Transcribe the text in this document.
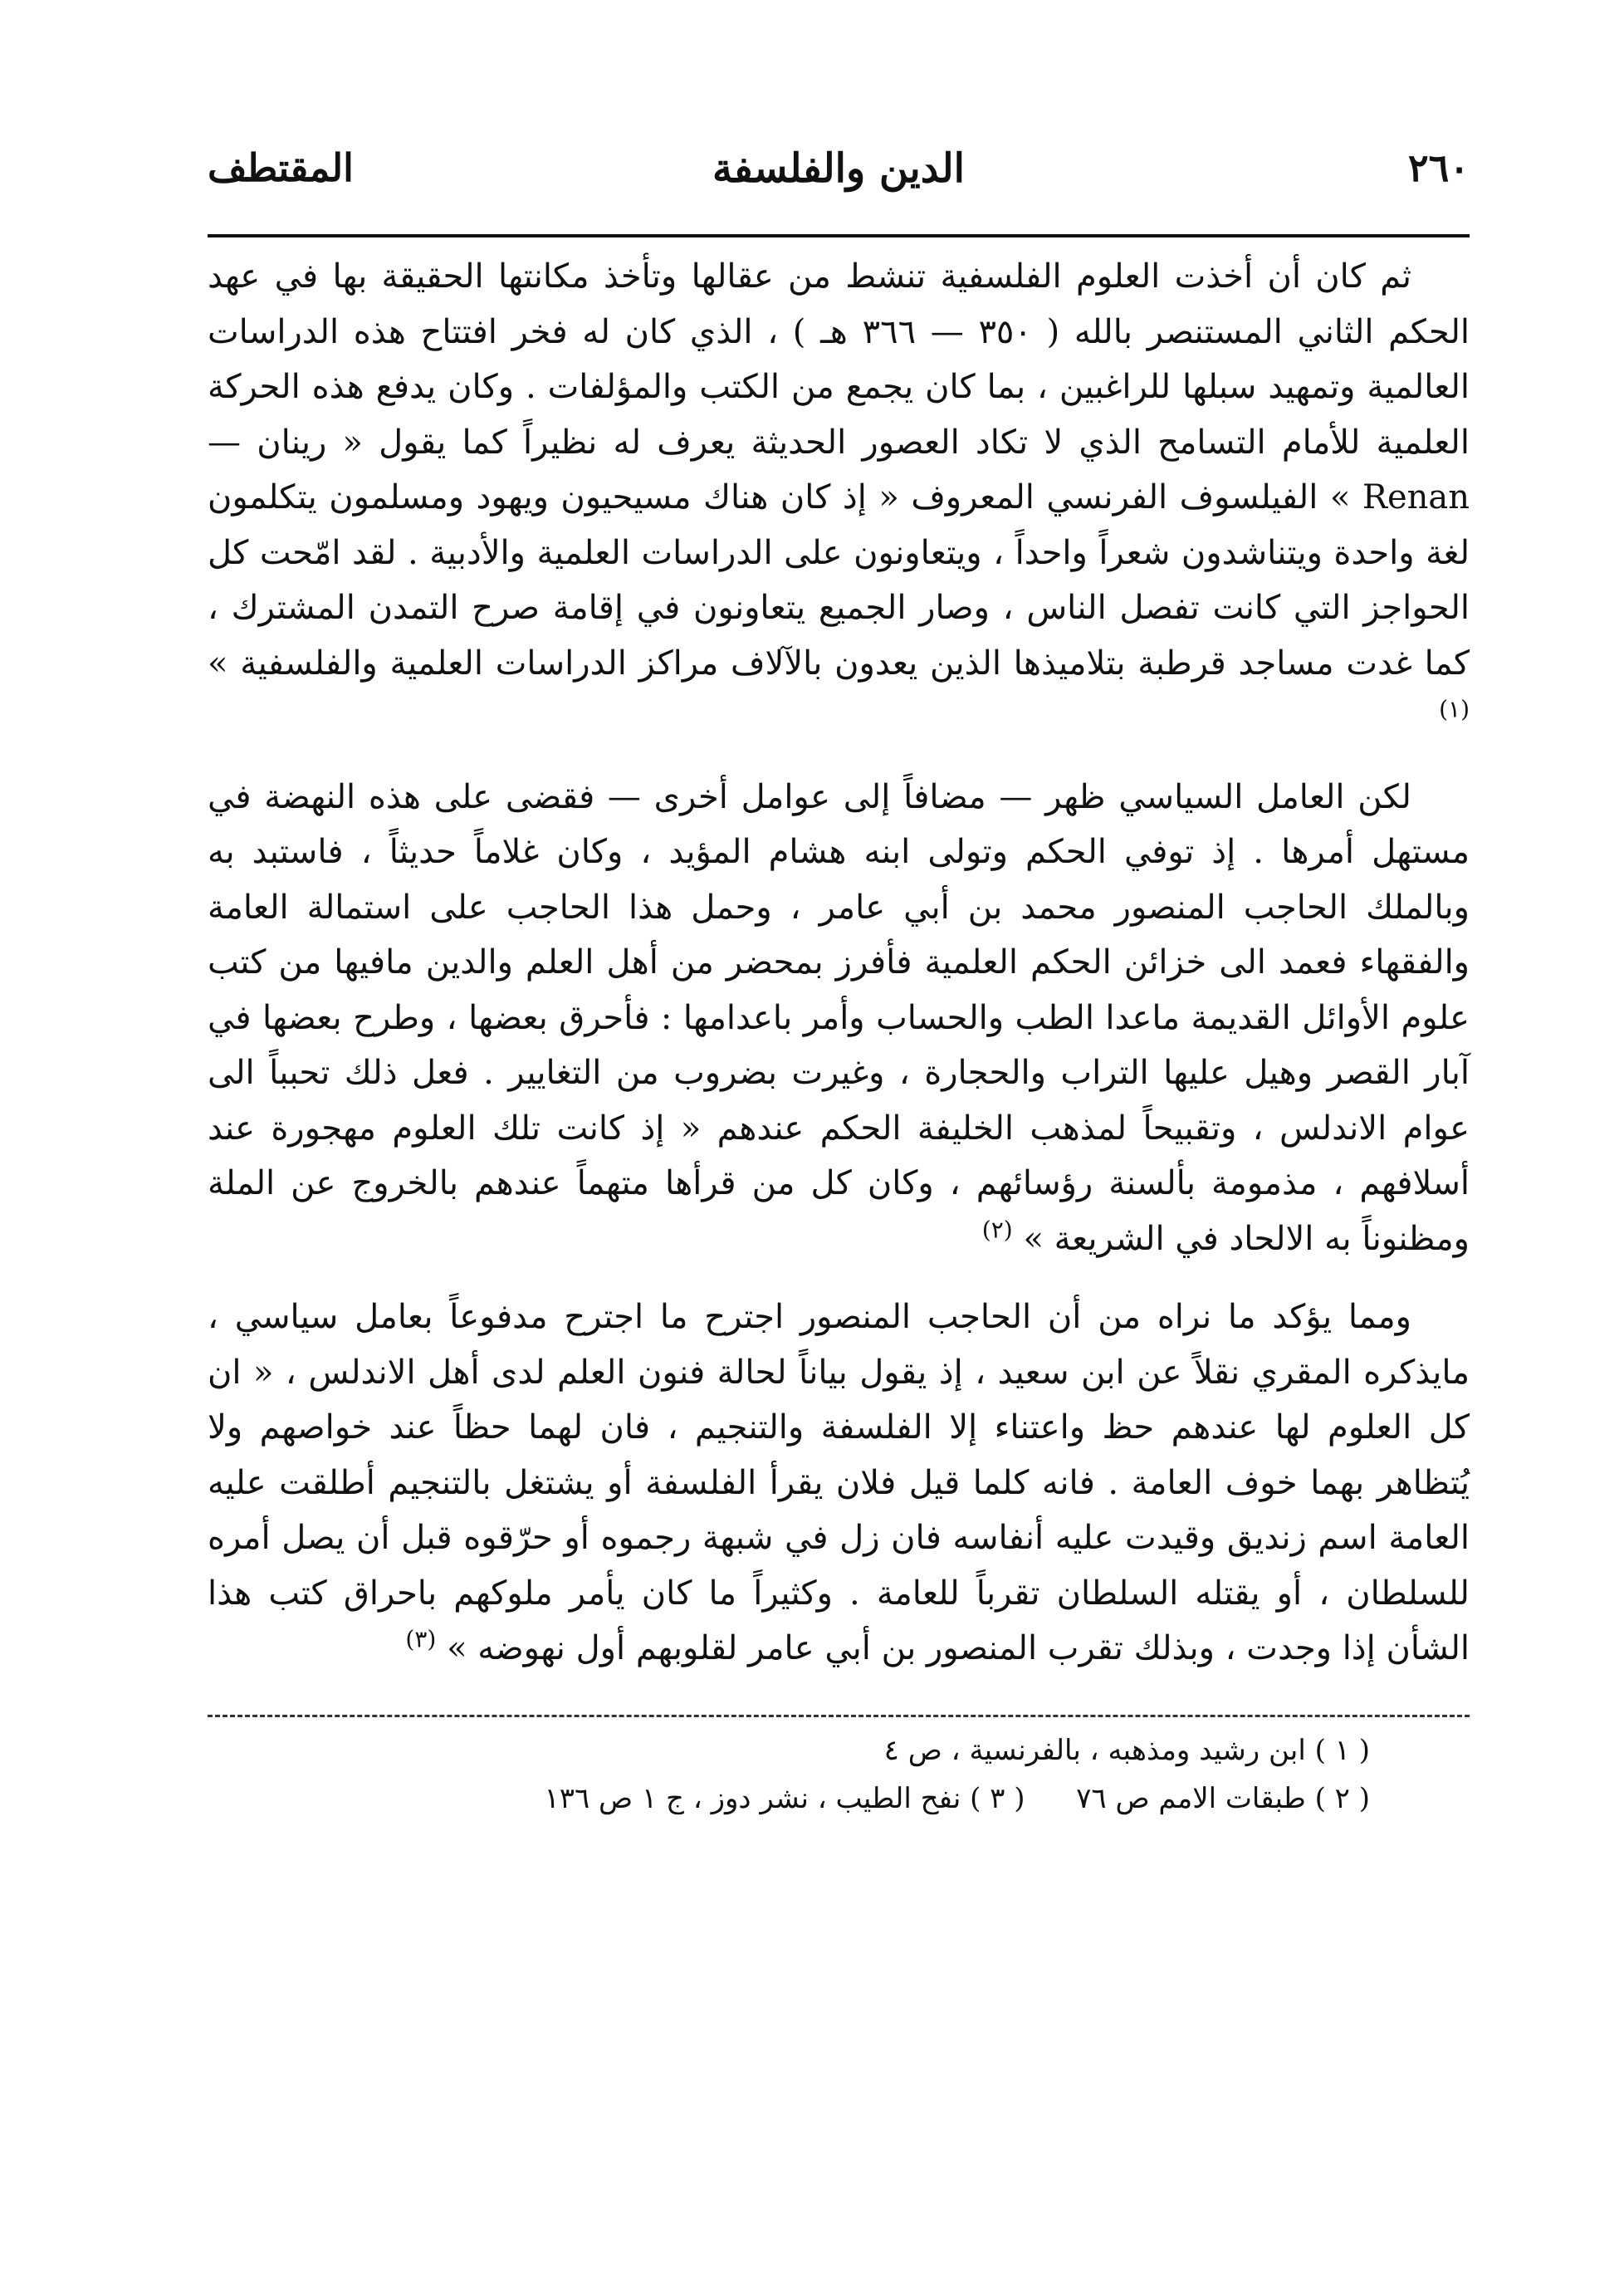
٢٦٠
الدين والفلسفة
المقتطف

ثم كان أن أخذت العلوم الفلسفية تنشط من عقالها وتأخذ مكانتها الحقيقة بها في عهد الحكم الثاني المستنصر بالله ( ٣٥٠ — ٣٦٦ هـ ) ، الذي كان له فخر افتتاح هذه الدراسات العالمية وتمهيد سبلها للراغبين ، بما كان يجمع من الكتب والمؤلفات . وكان يدفع هذه الحركة العلمية للأمام التسامح الذي لا تكاد العصور الحديثة يعرف له نظيراً كما يقول « رينان — Renan » الفيلسوف الفرنسي المعروف « إذ كان هناك مسيحيون ويهود ومسلمون يتكلمون لغة واحدة ويتناشدون شعراً واحداً ، ويتعاونون على الدراسات العلمية والأدبية . لقد امّحت كل الحواجز التي كانت تفصل الناس ، وصار الجميع يتعاونون في إقامة صرح التمدن المشترك ، كما غدت مساجد قرطبة بتلاميذها الذين يعدون بالآلاف مراكز الدراسات العلمية والفلسفية » $^{(١)}$

لكن العامل السياسي ظهر — مضافاً إلى عوامل أخرى — فقضى على هذه النهضة في مستهل أمرها . إذ توفي الحكم وتولى ابنه هشام المؤيد ، وكان غلاماً حديثاً ، فاستبد به وبالملك الحاجب المنصور محمد بن أبي عامر ، وحمل هذا الحاجب على استمالة العامة والفقهاء فعمد الى خزائن الحكم العلمية فأفرز بمحضر من أهل العلم والدين مافيها من كتب علوم الأوائل القديمة ماعدا الطب والحساب وأمر باعدامها : فأحرق بعضها ، وطرح بعضها في آبار القصر وهيل عليها التراب والحجارة ، وغيرت بضروب من التغايير . فعل ذلك تحبباً الى عوام الاندلس ، وتقبيحاً لمذهب الخليفة الحكم عندهم « إذ كانت تلك العلوم مهجورة عند أسلافهم ، مذمومة بألسنة رؤسائهم ، وكان كل من قرأها متهماً عندهم بالخروج عن الملة ومظنوناً به الالحاد في الشريعة » $^{(٢)}$

ومما يؤكد ما نراه من أن الحاجب المنصور اجترح ما اجترح مدفوعاً بعامل سياسي ، مايذكره المقري نقلاً عن ابن سعيد ، إذ يقول بياناً لحالة فنون العلم لدى أهل الاندلس ، « ان كل العلوم لها عندهم حظ واعتناء إلا الفلسفة والتنجيم ، فان لهما حظاً عند خواصهم ولا يُتظاهر بهما خوف العامة . فانه كلما قيل فلان يقرأ الفلسفة أو يشتغل بالتنجيم أطلقت عليه العامة اسم زنديق وقيدت عليه أنفاسه فان زل في شبهة رجموه أو حرّقوه قبل أن يصل أمره للسلطان ، أو يقتله السلطان تقرباً للعامة . وكثيراً ما كان يأمر ملوكهم باحراق كتب هذا الشأن إذا وجدت ، وبذلك تقرب المنصور بن أبي عامر لقلوبهم أول نهوضه » $^{(٣)}$

( ١ ) ابن رشيد ومذهبه ، بالفرنسية ، ص ٤
( ٢ ) طبقات الامم ص ٧٦  ( ٣ ) نفح الطيب ، نشر دوز ، ج ١ ص ١٣٦
